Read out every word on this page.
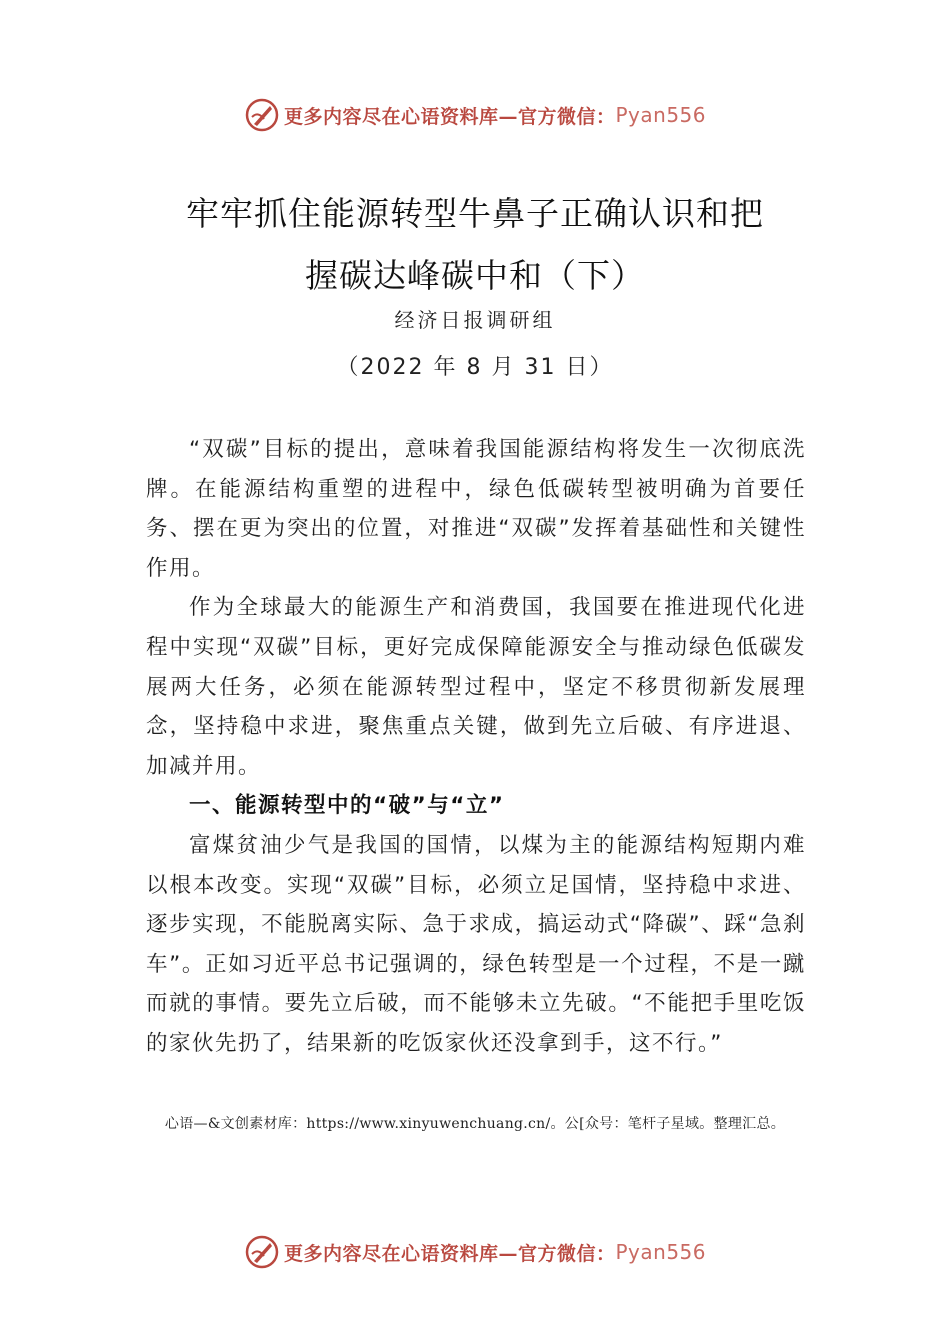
更多内容尽在心语资料库— 官方微信： Pyan556
牢牢抓住能源转型牛鼻子正确认识和把
握碳达峰碳中和（下）
经济日报调研组
（2022 年 8 月 31 日）

“双碳”目标的提出，意味着我国能源结构将发生一次彻底洗牌。在能源结构重塑的进程中，绿色低碳转型被明确为首要任务、摆在更为突出的位置，对推进“双碳”发挥着基础性和关键性作用。

作为全球最大的能源生产和消费国，我国要在推进现代化进程中实现“双碳”目标，更好完成保障能源安全与推动绿色低碳发展两大任务，必须在能源转型过程中，坚定不移贯彻新发展理念，坚持稳中求进，聚焦重点关键，做到先立后破、有序进退、加减并用。

一、能源转型中的“破”与“立”

富煤贫油少气是我国的国情，以煤为主的能源结构短期内难以根本改变。实现“双碳”目标，必须立足国情，坚持稳中求进、逐步实现，不能脱离实际、急于求成，搞运动式“降碳”、踩“急刹车”。正如习近平总书记强调的，绿色转型是一个过程，不是一蹴而就的事情。要先立后破，而不能够未立先破。“不能把手里吃饭的家伙先扔了，结果新的吃饭家伙还没拿到手，这不行。”

心语—&文创素材库：https://www.xinyuwenchuang.cn/。公[众号：笔杆子星域。整理汇总。
更多内容尽在心语资料库— 官方微信： Pyan556
